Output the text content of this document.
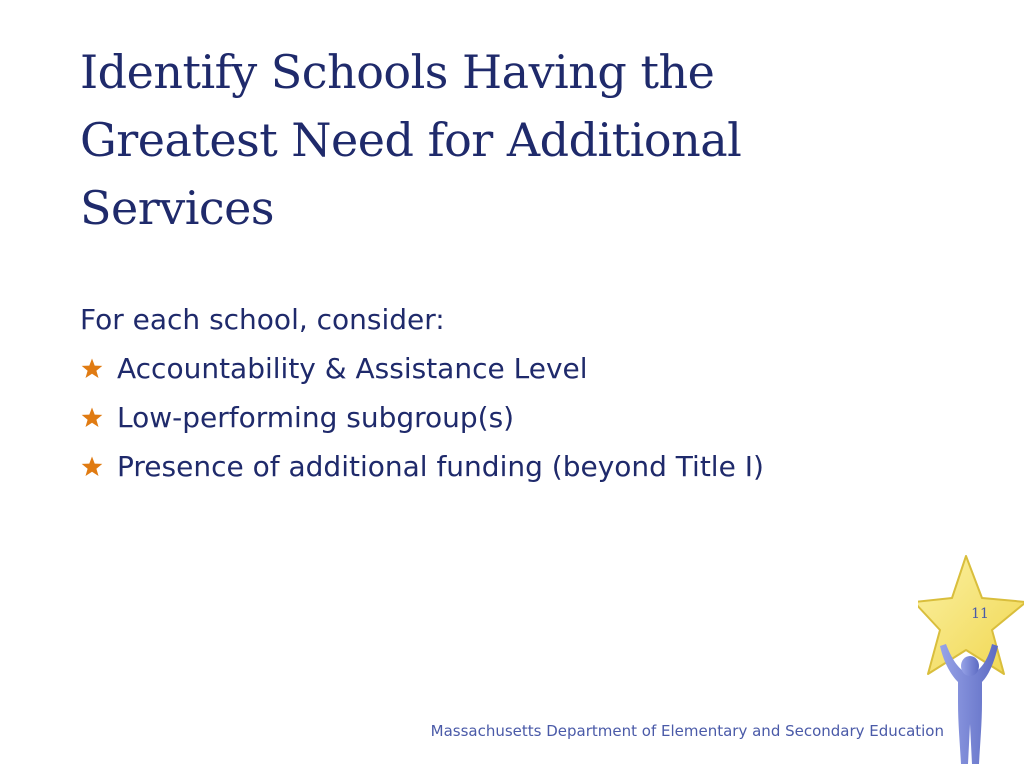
Identify Schools Having the Greatest Need for Additional Services

For each school, consider:

Accountability & Assistance Level
Low-performing subgroup(s)
Presence of additional funding (beyond Title I)
11
Massachusetts Department of Elementary and Secondary Education
